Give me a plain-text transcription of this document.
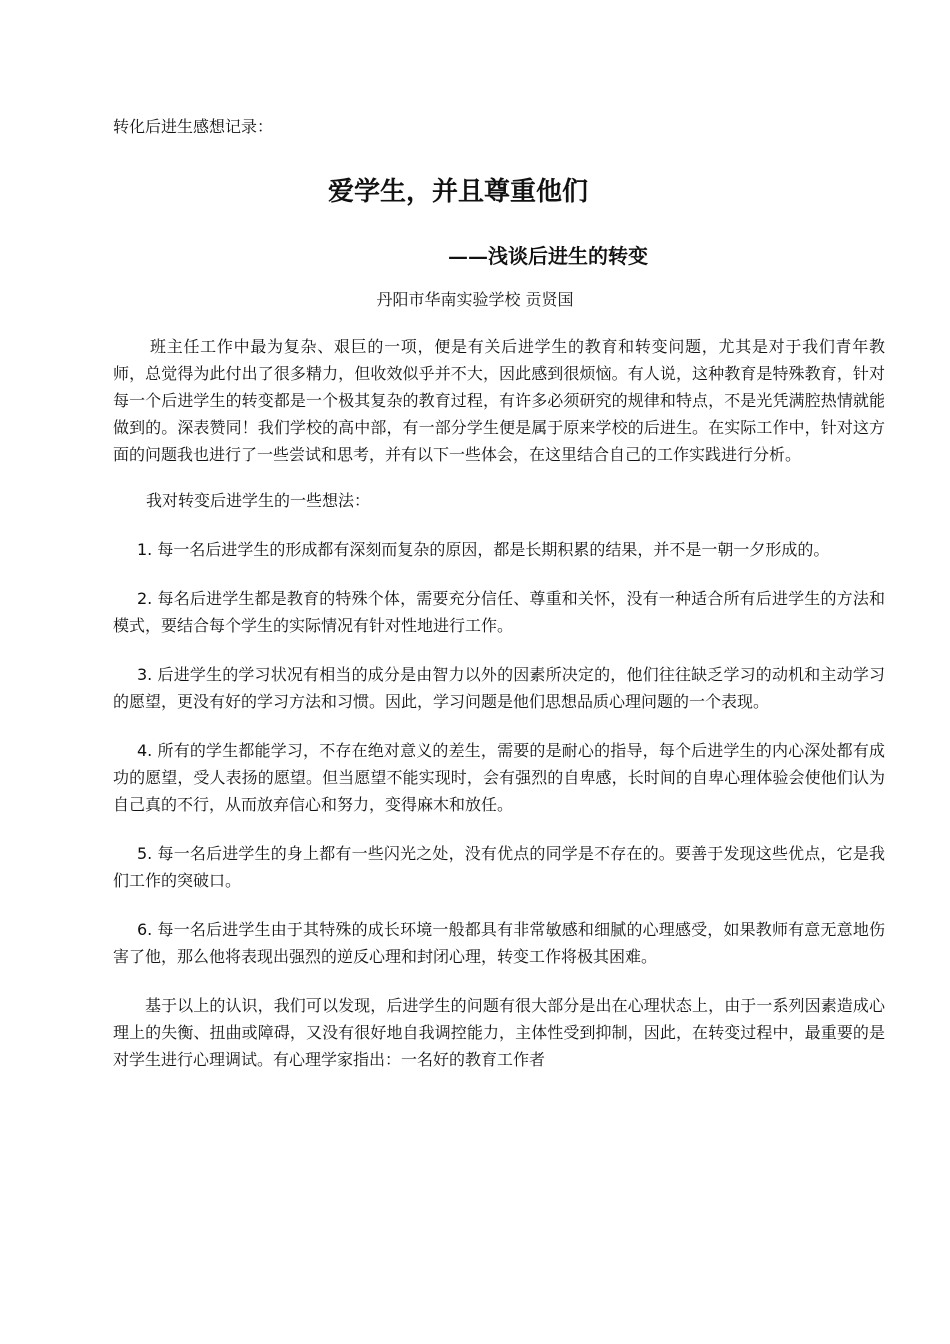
转化后进生感想记录：
爱学生，并且尊重他们
——浅谈后进生的转变
丹阳市华南实验学校 贡贤国

班主任工作中最为复杂、艰巨的一项，便是有关后进学生的教育和转变问题，尤其是对于我们青年教师，总觉得为此付出了很多精力，但收效似乎并不大，因此感到很烦恼。有人说，这种教育是特殊教育，针对每一个后进学生的转变都是一个极其复杂的教育过程，有许多必须研究的规律和特点，不是光凭满腔热情就能做到的。深表赞同！我们学校的高中部，有一部分学生便是属于原来学校的后进生。在实际工作中，针对这方面的问题我也进行了一些尝试和思考，并有以下一些体会，在这里结合自己的工作实践进行分析。

我对转变后进学生的一些想法：

1. 每一名后进学生的形成都有深刻而复杂的原因，都是长期积累的结果，并不是一朝一夕形成的。

2. 每名后进学生都是教育的特殊个体，需要充分信任、尊重和关怀，没有一种适合所有后进学生的方法和模式，要结合每个学生的实际情况有针对性地进行工作。

3. 后进学生的学习状况有相当的成分是由智力以外的因素所决定的，他们往往缺乏学习的动机和主动学习的愿望，更没有好的学习方法和习惯。因此，学习问题是他们思想品质心理问题的一个表现。

4. 所有的学生都能学习，不存在绝对意义的差生，需要的是耐心的指导，每个后进学生的内心深处都有成功的愿望，受人表扬的愿望。但当愿望不能实现时，会有强烈的自卑感，长时间的自卑心理体验会使他们认为自己真的不行，从而放弃信心和努力，变得麻木和放任。

5. 每一名后进学生的身上都有一些闪光之处，没有优点的同学是不存在的。要善于发现这些优点，它是我们工作的突破口。

6. 每一名后进学生由于其特殊的成长环境一般都具有非常敏感和细腻的心理感受，如果教师有意无意地伤害了他，那么他将表现出强烈的逆反心理和封闭心理，转变工作将极其困难。

基于以上的认识，我们可以发现，后进学生的问题有很大部分是出在心理状态上，由于一系列因素造成心理上的失衡、扭曲或障碍，又没有很好地自我调控能力，主体性受到抑制，因此，在转变过程中，最重要的是对学生进行心理调试。有心理学家指出：一名好的教育工作者
